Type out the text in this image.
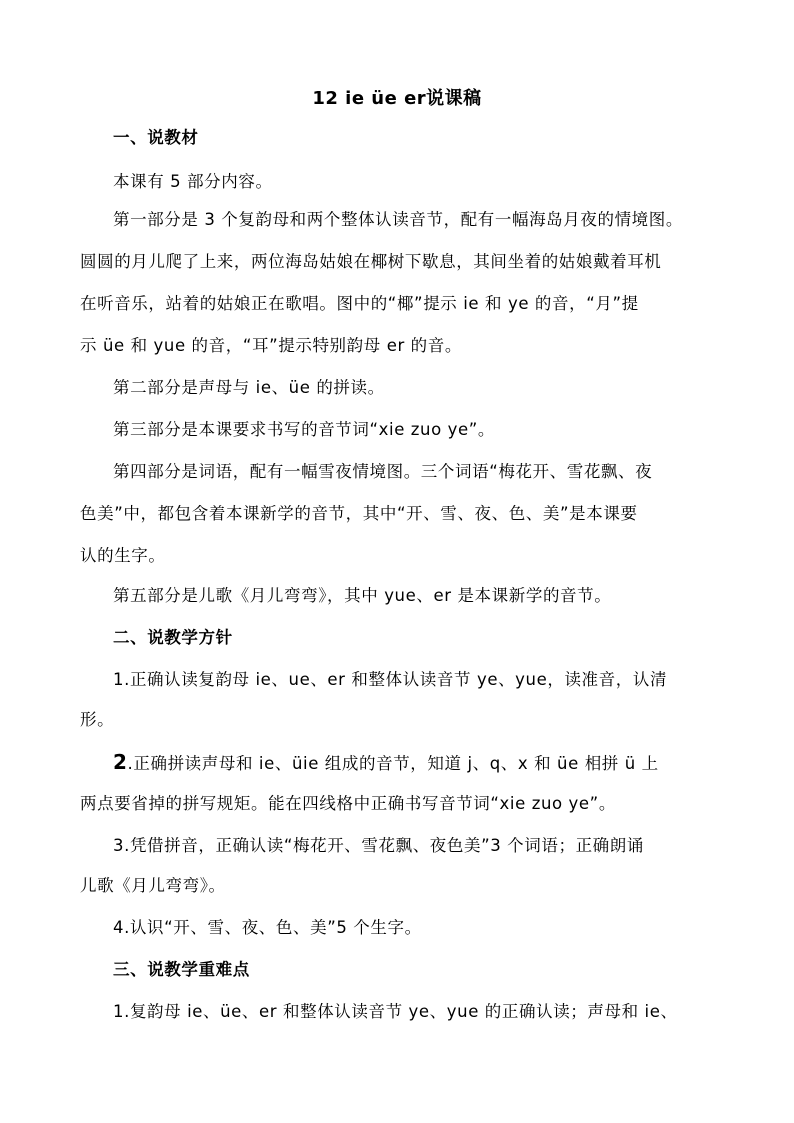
12 ie üe er说课稿
一、说教材
本课有 5 部分内容。
第一部分是 3 个复韵母和两个整体认读音节，配有一幅海岛月夜的情境图。
圆圆的月儿爬了上来，两位海岛姑娘在椰树下歇息，其间坐着的姑娘戴着耳机
在听音乐，站着的姑娘正在歌唱。图中的“椰”提示 ie 和 ye 的音，“月”提
示 üe 和 yue 的音，“耳”提示特别韵母 er 的音。
第二部分是声母与 ie、üe 的拼读。
第三部分是本课要求书写的音节词“xie zuo ye”。
第四部分是词语，配有一幅雪夜情境图。三个词语“梅花开、雪花飘、夜
色美”中，都包含着本课新学的音节，其中“开、雪、夜、色、美”是本课要
认的生字。
第五部分是儿歌《月儿弯弯》，其中 yue、er 是本课新学的音节。
二、说教学方针
1.正确认读复韵母 ie、ue、er 和整体认读音节 ye、yue，读准音，认清
形。
2.正确拼读声母和 ie、üie 组成的音节，知道 j、q、x 和 üe 相拼 ü 上
两点要省掉的拼写规矩。能在四线格中正确书写音节词“xie zuo ye”。
3.凭借拼音，正确认读“梅花开、雪花飘、夜色美”3 个词语；正确朗诵
儿歌《月儿弯弯》。
4.认识“开、雪、夜、色、美”5 个生字。
三、说教学重难点
1.复韵母 ie、üe、er 和整体认读音节 ye、yue 的正确认读；声母和 ie、
